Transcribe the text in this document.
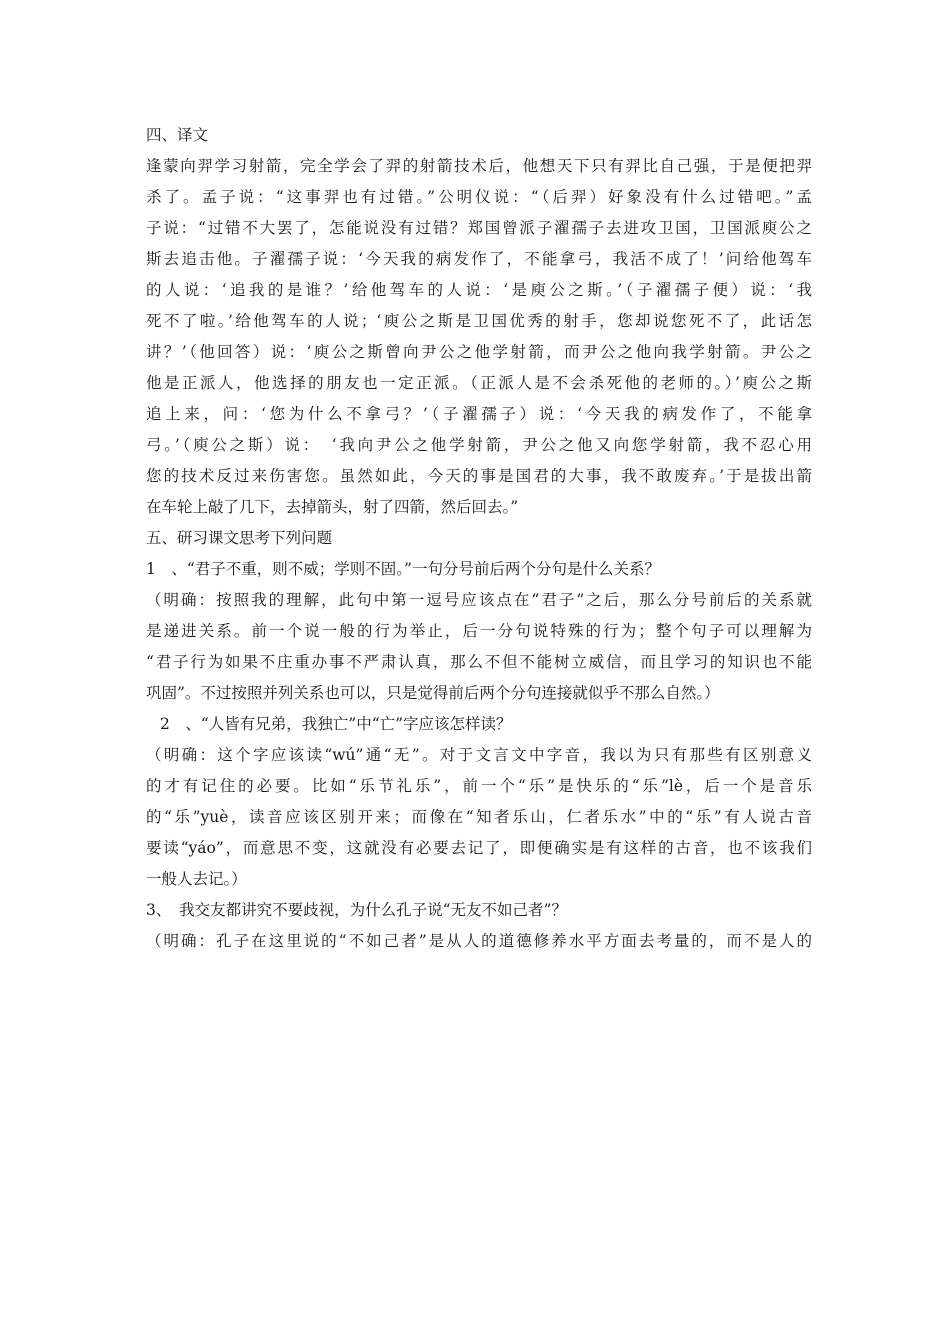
四、译文
逢蒙向羿学习射箭，完全学会了羿的射箭技术后，他想天下只有羿比自己强，于是便把羿
杀了。孟子说：“这事羿也有过错。”公明仪说：“（后羿）好象没有什么过错吧。”孟
子说：“过错不大罢了，怎能说没有过错？郑国曾派子濯孺子去进攻卫国，卫国派庾公之
斯去追击他。子濯孺子说：‘今天我的病发作了，不能拿弓，我活不成了！’问给他驾车
的人说：‘追我的是谁？’给他驾车的人说：‘是庾公之斯。’（子濯孺子便）说：‘我
死不了啦。’给他驾车的人说；‘庾公之斯是卫国优秀的射手，您却说您死不了，此话怎
讲？’（他回答）说：‘庾公之斯曾向尹公之他学射箭，而尹公之他向我学射箭。尹公之
他是正派人，他选择的朋友也一定正派。（正派人是不会杀死他的老师的。）’庾公之斯
追上来，问：‘您为什么不拿弓？’（子濯孺子）说：‘今天我的病发作了，不能拿
弓。’（庾公之斯）说：　‘我向尹公之他学射箭，尹公之他又向您学射箭，我不忍心用
您的技术反过来伤害您。虽然如此，今天的事是国君的大事，我不敢废弃。’于是拔出箭
在车轮上敲了几下，去掉箭头，射了四箭，然后回去。”
五、研习课文思考下列问题
1　、“君子不重，则不威；学则不固。”一句分号前后两个分句是什么关系？
（明确：按照我的理解，此句中第一逗号应该点在“君子”之后，那么分号前后的关系就
是递进关系。前一个说一般的行为举止，后一分句说特殊的行为；整个句子可以理解为
“君子行为如果不庄重办事不严肃认真，那么不但不能树立威信，而且学习的知识也不能
巩固”。不过按照并列关系也可以，只是觉得前后两个分句连接就似乎不那么自然。）
2　、“人皆有兄弟，我独亡”中“亡”字应该怎样读？
（明确：这个字应该读“wú”通“无”。对于文言文中字音，我以为只有那些有区别意义
的才有记住的必要。比如“乐节礼乐”，前一个“乐”是快乐的“乐”lè，后一个是音乐
的“乐”yuè，读音应该区别开来；而像在“知者乐山，仁者乐水”中的“乐”有人说古音
要读“yáo”，而意思不变，这就没有必要去记了，即便确实是有这样的古音，也不该我们
一般人去记。）
3、　我交友都讲究不要歧视，为什么孔子说“无友不如己者”？
（明确：孔子在这里说的“不如己者”是从人的道德修养水平方面去考量的，而不是人的
